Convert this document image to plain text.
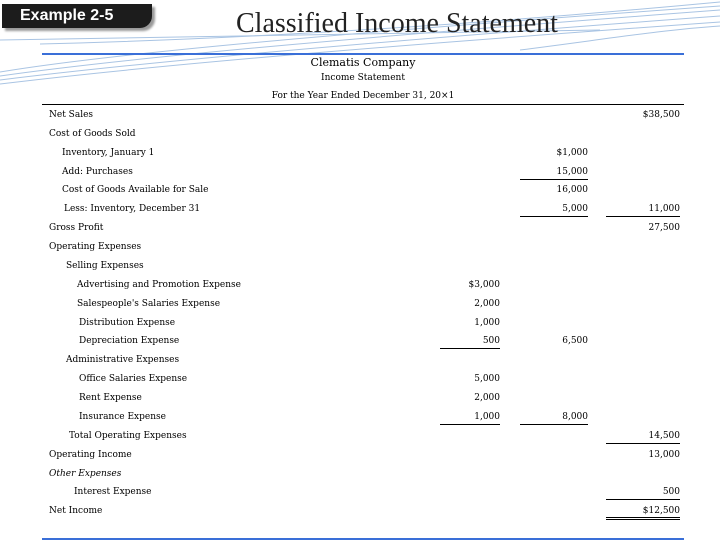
Example 2-5	Classified Income Statement
Clematis Company
Income Statement
For the Year Ended December 31, 20×1
Net Sales	$38,500
Cost of Goods Sold
Inventory, January 1	$1,000
Add: Purchases	15,000
Cost of Goods Available for Sale	16,000
Less: Inventory, December 31	5,000	11,000
Gross Profit	27,500
Operating Expenses
Selling Expenses
Advertising and Promotion Expense	$3,000
Salespeople's Salaries Expense	2,000
Distribution Expense	1,000
Depreciation Expense	500	6,500
Administrative Expenses
Office Salaries Expense	5,000
Rent Expense	2,000
Insurance Expense	1,000	8,000
Total Operating Expenses	14,500
Operating Income	13,000
Other Expenses
Interest Expense	500
Net Income	$12,500
